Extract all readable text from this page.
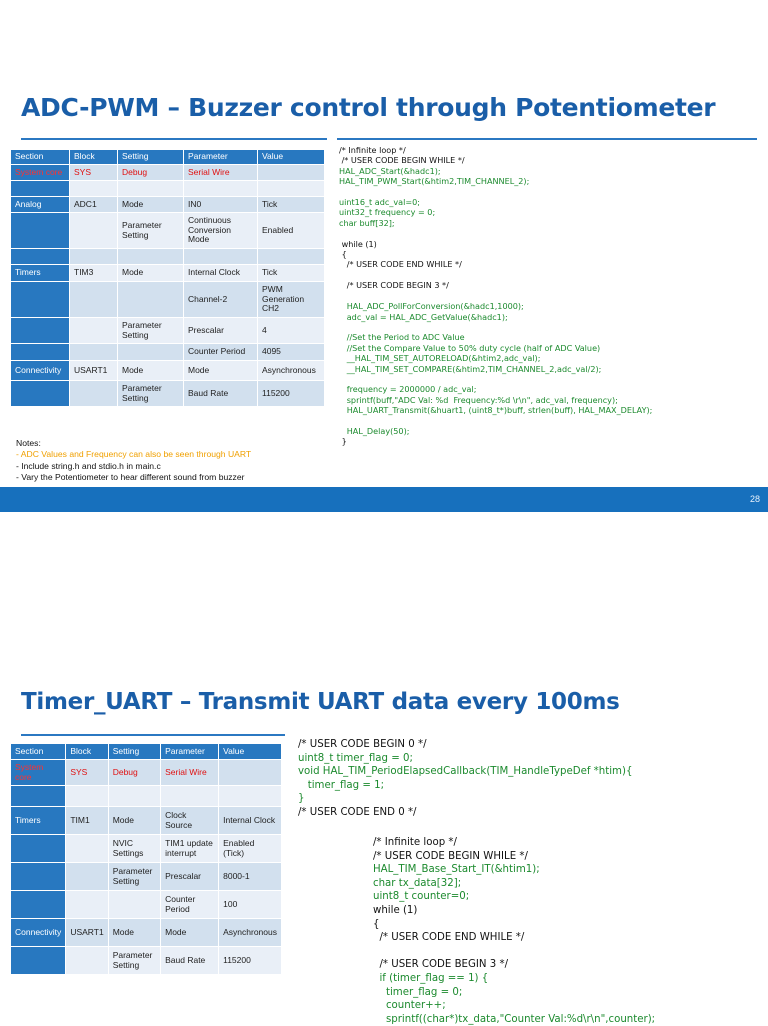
ADC-PWM – Buzzer control through Potentiometer
Section	Block	Setting	Parameter	Value
System core	SYS	Debug	Serial Wire	

Analog	ADC1	Mode	IN0	Tick
		Parameter Setting	Continuous Conversion Mode	Enabled

Timers	TIM3	Mode	Internal Clock	Tick
			Channel-2	PWM Generation CH2
		Parameter Setting	Prescalar	4
			Counter Period	4095
Connectivity	USART1	Mode	Mode	Asynchronous
		Parameter Setting	Baud Rate	115200
Notes:
- ADC Values and Frequency can also be seen through UART
- Include string.h and stdio.h in main.c
- Vary the Potentiometer to hear different sound from buzzer
/* Infinite loop */
/* USER CODE BEGIN WHILE */
HAL_ADC_Start(&hadc1);
HAL_TIM_PWM_Start(&htim2,TIM_CHANNEL_2);

uint16_t adc_val=0;
uint32_t frequency = 0;
char buff[32];

while (1)
{
/* USER CODE END WHILE */

/* USER CODE BEGIN 3 */

HAL_ADC_PollForConversion(&hadc1,1000);
adc_val = HAL_ADC_GetValue(&hadc1);

//Set the Period to ADC Value
//Set the Compare Value to 50% duty cycle (half of ADC Value)
__HAL_TIM_SET_AUTORELOAD(&htim2,adc_val);
__HAL_TIM_SET_COMPARE(&htim2,TIM_CHANNEL_2,adc_val/2);

frequency = 2000000 / adc_val;
sprintf(buff,"ADC Val: %d  Frequency:%d \r\n", adc_val, frequency);
HAL_UART_Transmit(&huart1, (uint8_t*)buff, strlen(buff), HAL_MAX_DELAY);

HAL_Delay(50);
}
28
Timer_UART – Transmit UART data every 100ms
Section	Block	Setting	Parameter	Value
System core	SYS	Debug	Serial Wire	

Timers	TIM1	Mode	Clock Source	Internal Clock
		NVIC Settings	TIM1 update interrupt	Enabled (Tick)
		Parameter Setting	Prescalar	8000-1
			Counter Period	100
Connectivity	USART1	Mode	Mode	Asynchronous
		Parameter Setting	Baud Rate	115200
/* USER CODE BEGIN 0 */
uint8_t timer_flag = 0;
void HAL_TIM_PeriodElapsedCallback(TIM_HandleTypeDef *htim){
timer_flag = 1;
}
/* USER CODE END 0 */
/* Infinite loop */
/* USER CODE BEGIN WHILE */
HAL_TIM_Base_Start_IT(&htim1);
char tx_data[32];
uint8_t counter=0;
while (1)
{
/* USER CODE END WHILE */

/* USER CODE BEGIN 3 */
if (timer_flag == 1) {
timer_flag = 0;
counter++;
sprintf((char*)tx_data,"Counter Val:%d\r\n",counter);
